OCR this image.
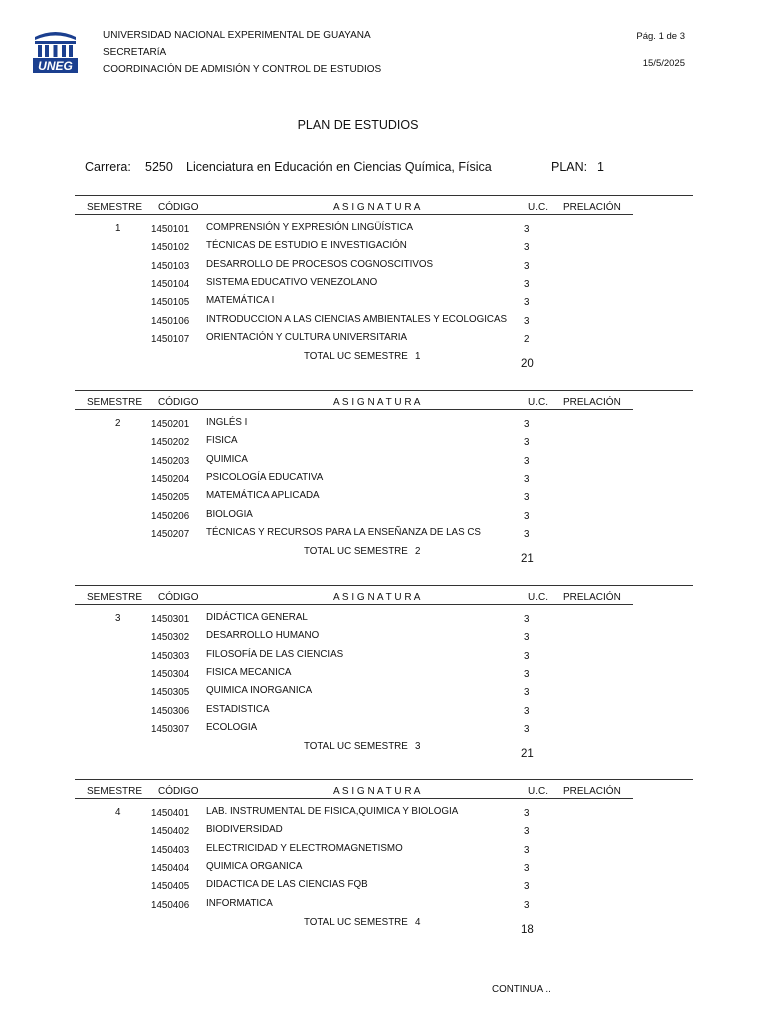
UNEG
UNIVERSIDAD NACIONAL EXPERIMENTAL DE GUAYANA
SECRETARíA
COORDINACIÓN DE ADMISIÓN Y CONTROL DE ESTUDIOS
Pág. 1 de 3
15/5/2025
PLAN DE ESTUDIOS
Carrera: 5250 Licenciatura en Educación en Ciencias Química, Física	PLAN: 1
SEMESTRE CÓDIGO	A S I G N A T U R A	U.C. PRELACIÓN
1	1450101 COMPRENSIÓN Y EXPRESIÓN LINGÜÍSTICA	3
1450102 TÉCNICAS DE ESTUDIO E INVESTIGACIÓN	3
1450103 DESARROLLO DE PROCESOS COGNOSCITIVOS	3
1450104 SISTEMA EDUCATIVO VENEZOLANO	3
1450105 MATEMÁTICA I	3
1450106 INTRODUCCION A LAS CIENCIAS AMBIENTALES Y ECOLOGICAS 3
1450107 ORIENTACIÓN Y CULTURA UNIVERSITARIA	2
TOTAL UC SEMESTRE 1
20
SEMESTRE CÓDIGO	A S I G N A T U R A	U.C. PRELACIÓN
2	1450201 INGLÉS I	3
1450202 FISICA	3
1450203 QUIMICA	3
1450204 PSICOLOGÍA EDUCATIVA	3
1450205 MATEMÁTICA APLICADA	3
1450206 BIOLOGIA	3
1450207 TÉCNICAS Y RECURSOS PARA LA ENSEÑANZA DE LAS CS	3
TOTAL UC SEMESTRE 2
21
SEMESTRE CÓDIGO	A S I G N A T U R A	U.C. PRELACIÓN
3	1450301 DIDÁCTICA GENERAL	3
1450302 DESARROLLO HUMANO	3
1450303 FILOSOFÍA DE LAS CIENCIAS	3
1450304 FISICA MECANICA	3
1450305 QUIMICA INORGANICA	3
1450306 ESTADISTICA	3
1450307 ECOLOGIA	3
TOTAL UC SEMESTRE 3
21
SEMESTRE CÓDIGO	A S I G N A T U R A	U.C. PRELACIÓN
4	1450401 LAB. INSTRUMENTAL DE FISICA,QUIMICA Y BIOLOGIA	3
1450402 BIODIVERSIDAD	3
1450403 ELECTRICIDAD Y ELECTROMAGNETISMO	3
1450404 QUIMICA ORGANICA	3
1450405 DIDACTICA DE LAS CIENCIAS FQB	3
1450406 INFORMATICA	3
TOTAL UC SEMESTRE 4
18
CONTINUA ..
